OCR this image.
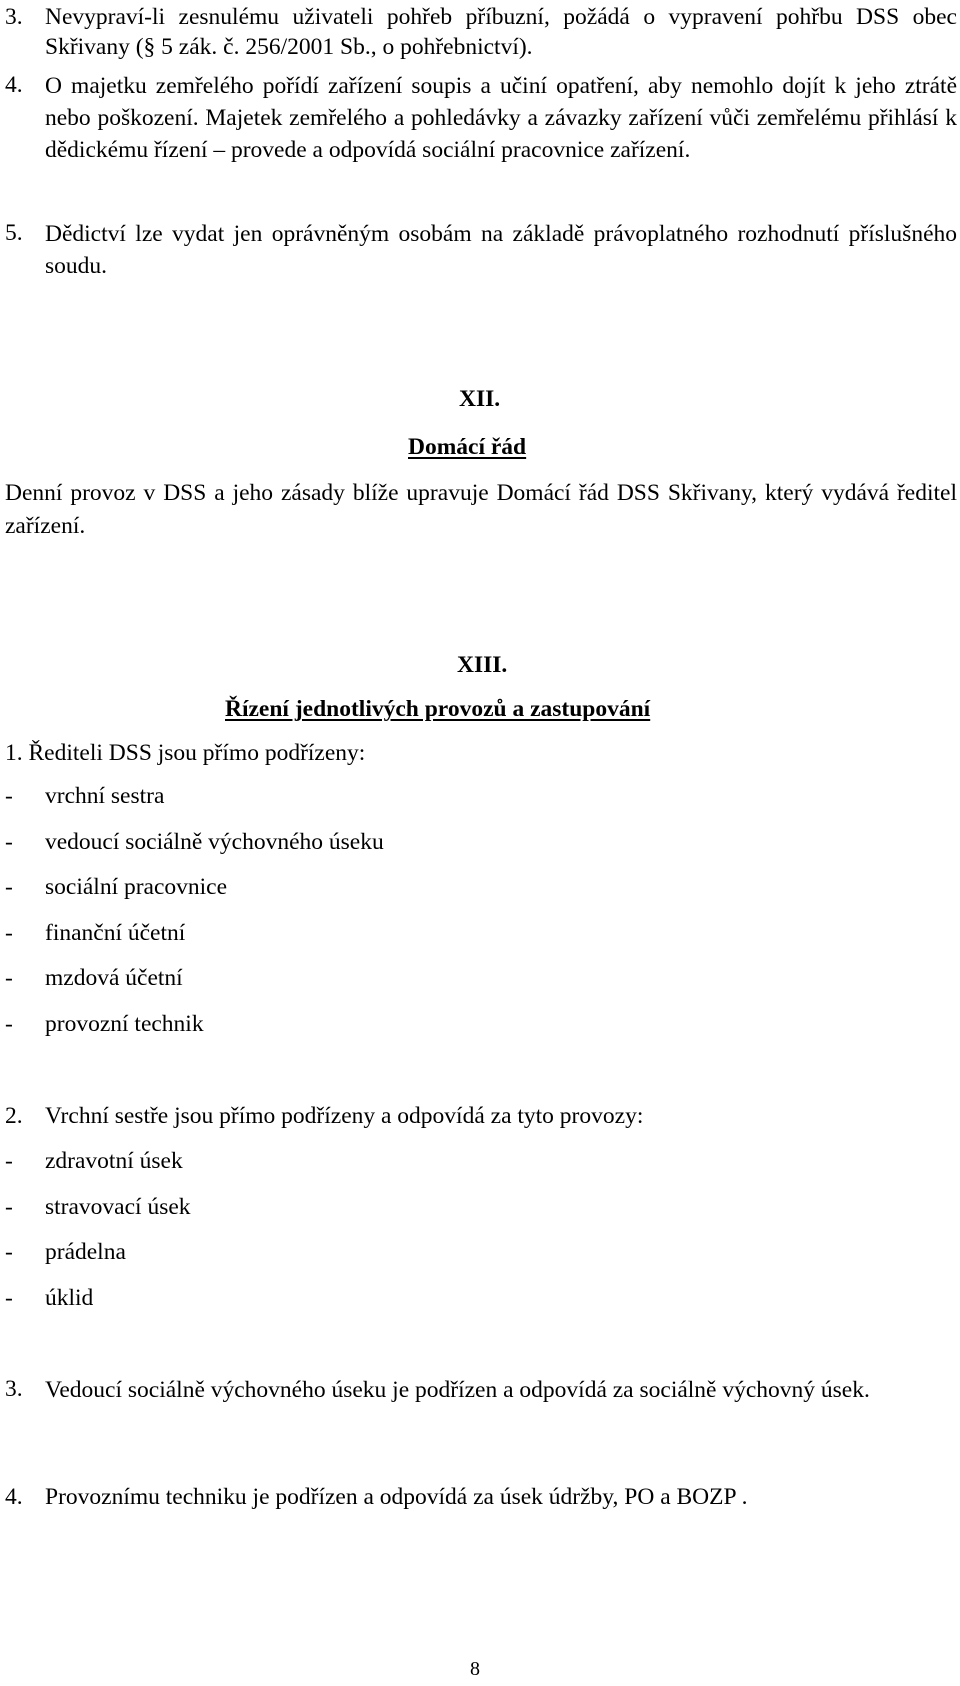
3. Nevypraví-li zesnulému uživateli pohřeb příbuzní, požádá o vypravení pohřbu DSS obec Skřivany (§ 5 zák. č. 256/2001 Sb., o pohřebnictví).
4. O majetku zemřelého pořídí zařízení soupis a učiní opatření, aby nemohlo dojít k jeho ztrátě nebo poškození. Majetek zemřelého a pohledávky a závazky zařízení vůči zemřelému přihlásí k dědickému řízení – provede a odpovídá sociální pracovnice zařízení.
5. Dědictví lze vydat jen oprávněným osobám na základě právoplatného rozhodnutí příslušného soudu.
XII.
Domácí řád
Denní provoz v DSS a jeho zásady blíže upravuje Domácí řád DSS Skřivany, který vydává ředitel zařízení.
XIII.
Řízení jednotlivých provozů a zastupování
1. Řediteli DSS jsou přímo podřízeny:
- vrchní sestra
- vedoucí sociálně výchovného úseku
- sociální pracovnice
- finanční účetní
- mzdová účetní
- provozní technik
2. Vrchní sestře jsou přímo podřízeny a odpovídá za tyto provozy:
- zdravotní úsek
- stravovací úsek
- prádelna
- úklid
3. Vedoucí sociálně výchovného úseku je podřízen a odpovídá za sociálně výchovný úsek.
4. Provoznímu techniku je podřízen a odpovídá za úsek údržby, PO a BOZP .
8
